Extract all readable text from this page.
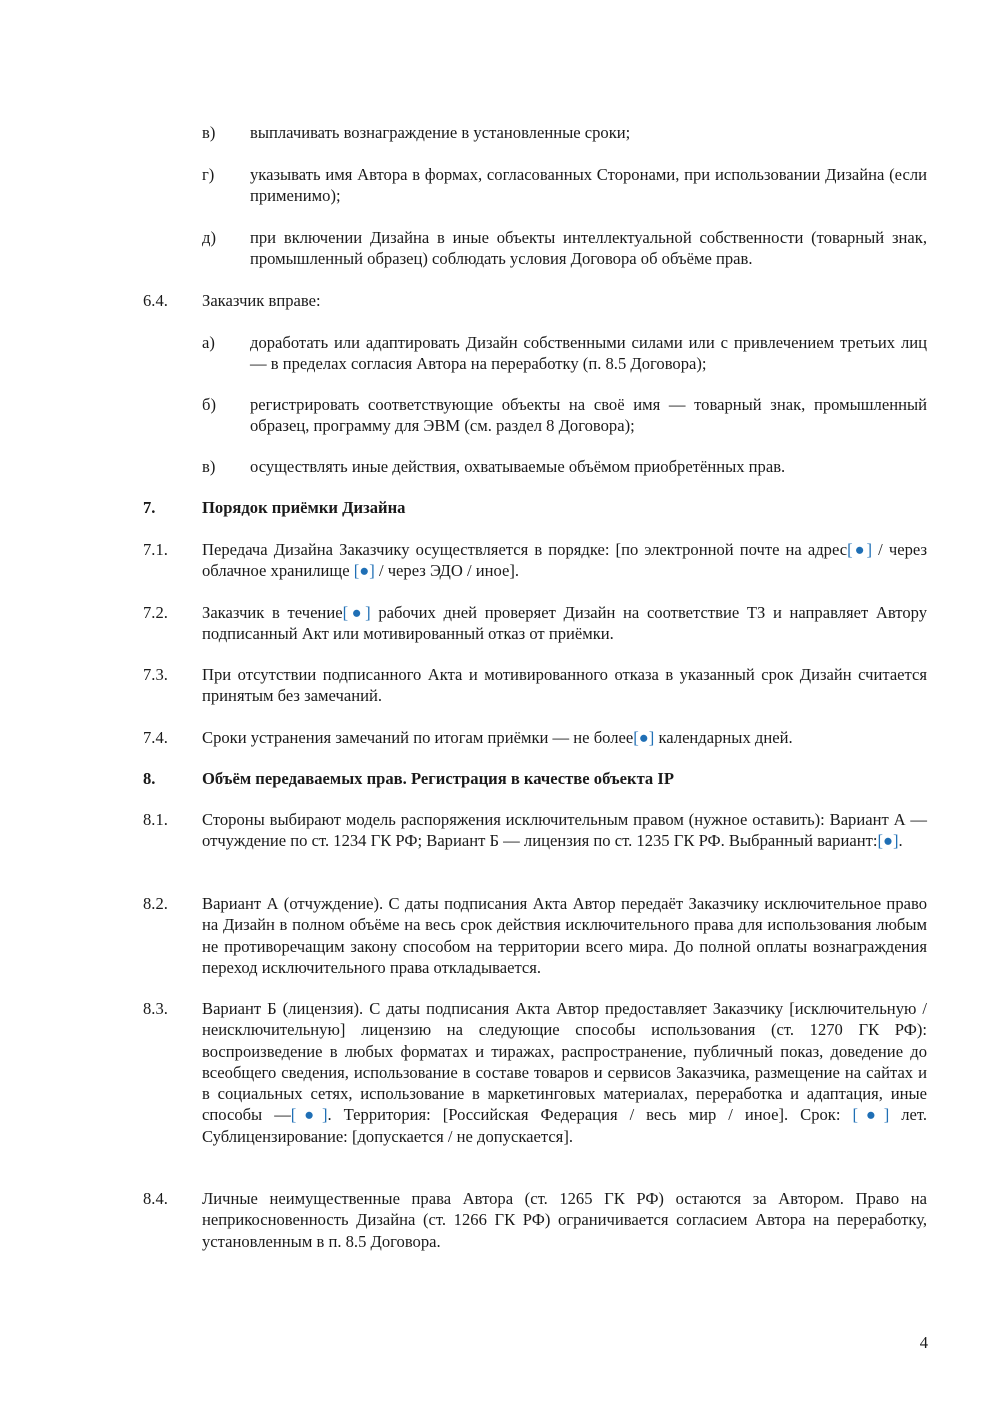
в) выплачивать вознаграждение в установленные сроки;
г) указывать имя Автора в формах, согласованных Сторонами, при использовании Дизайна (если применимо);
д) при включении Дизайна в иные объекты интеллектуальной собственности (товарный знак, промышленный образец) соблюдать условия Договора об объёме прав.
6.4. Заказчик вправе:
а) доработать или адаптировать Дизайн собственными силами или с привлечением третьих лиц — в пределах согласия Автора на переработку (п. 8.5 Договора);
б) регистрировать соответствующие объекты на своё имя — товарный знак, промышленный образец, программу для ЭВМ (см. раздел 8 Договора);
в) осуществлять иные действия, охватываемые объёмом приобретённых прав.
7.	Порядок приёмки Дизайна
7.1. Передача Дизайна Заказчику осуществляется в порядке: [по электронной почте на адрес[●] / через облачное хранилище [●] / через ЭДО / иное].
7.2. Заказчик в течение[●] рабочих дней проверяет Дизайн на соответствие ТЗ и направляет Автору подписанный Акт или мотивированный отказ от приёмки.
7.3. При отсутствии подписанного Акта и мотивированного отказа в указанный срок Дизайн считается принятым без замечаний.
7.4. Сроки устранения замечаний по итогам приёмки — не более[●] календарных дней.
8.	Объём передаваемых прав. Регистрация в качестве объекта IP
8.1. Стороны выбирают модель распоряжения исключительным правом (нужное оставить): Вариант А — отчуждение по ст. 1234 ГК РФ; Вариант Б — лицензия по ст. 1235 ГК РФ. Выбранный вариант:[●].
8.2. Вариант А (отчуждение). С даты подписания Акта Автор передаёт Заказчику исключительное право на Дизайн в полном объёме на весь срок действия исключительного права для использования любым не противоречащим закону способом на территории всего мира. До полной оплаты вознаграждения переход исключительного права откладывается.
8.3. Вариант Б (лицензия). С даты подписания Акта Автор предоставляет Заказчику [исключительную / неисключительную] лицензию на следующие способы использования (ст. 1270 ГК РФ): воспроизведение в любых форматах и тиражах, распространение, публичный показ, доведение до всеобщего сведения, использование в составе товаров и сервисов Заказчика, размещение на сайтах и в социальных сетях, использование в маркетинговых материалах, переработка и адаптация, иные способы —[●]. Территория: [Российская Федерация / весь мир / иное]. Срок: [●] лет. Сублицензирование: [допускается / не допускается].
8.4. Личные неимущественные права Автора (ст. 1265 ГК РФ) остаются за Автором. Право на неприкосновенность Дизайна (ст. 1266 ГК РФ) ограничивается согласием Автора на переработку, установленным в п. 8.5 Договора.
4
